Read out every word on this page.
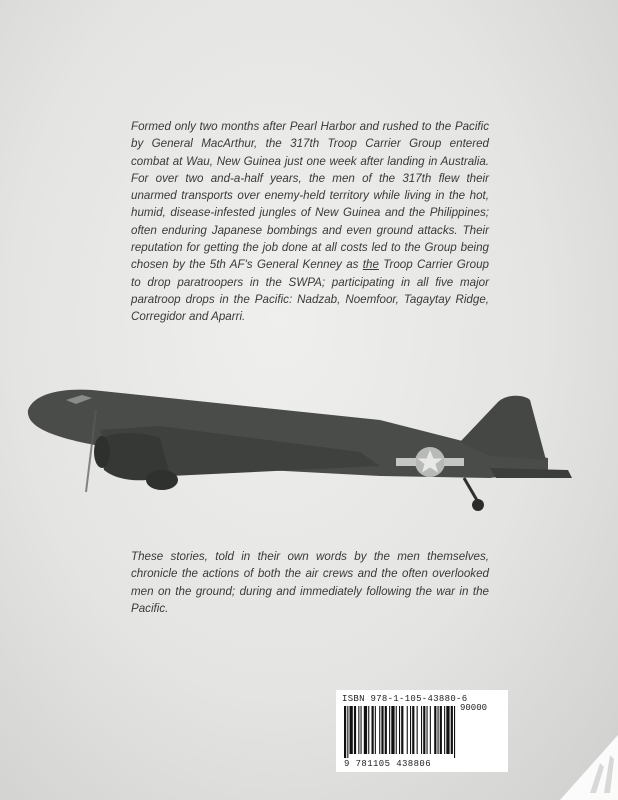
Formed only two months after Pearl Harbor and rushed to the Pacific by General MacArthur, the 317th Troop Carrier Group entered combat at Wau, New Guinea just one week after landing in Australia. For over two and-a-half years, the men of the 317th flew their unarmed transports over enemy-held territory while living in the hot, humid, disease-infested jungles of New Guinea and the Philippines; often enduring Japanese bombings and even ground attacks. Their reputation for getting the job done at all costs led to the Group being chosen by the 5th AF's General Kenney as the Troop Carrier Group to drop paratroopers in the SWPA; participating in all five major paratroop drops in the Pacific: Nadzab, Noemfoor, Tagaytay Ridge, Corregidor and Aparri.

These stories, told in their own words by the men themselves, chronicle the actions of both the air crews and the often overlooked men on the ground; during and immediately following the war in the Pacific.

ISBN 978-1-105-43880-6
90000
9 781105 438806
